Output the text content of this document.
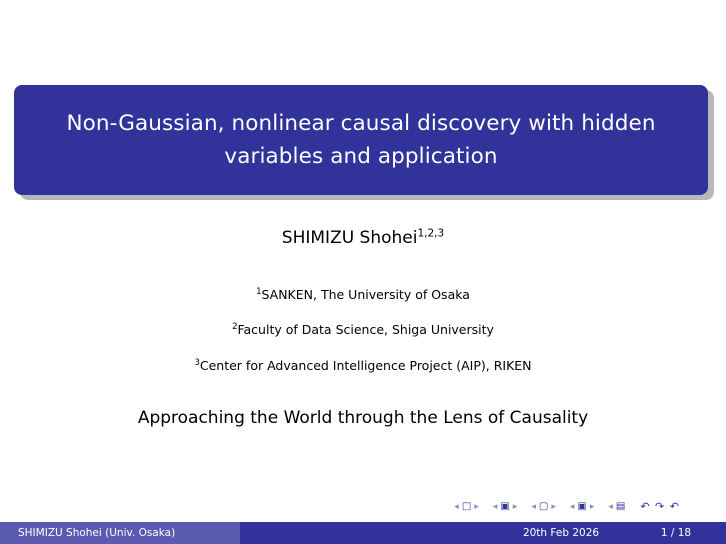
Non-Gaussian, nonlinear causal discovery with hidden variables and application
SHIMIZU Shohei$^{1,2,3}$
$^1$SANKEN, The University of Osaka
$^2$Faculty of Data Science, Shiga University
$^3$Center for Advanced Intelligence Project (AIP), RIKEN
Approaching the World through the Lens of Causality
◂ □ ▸ ◂ ▣ ▸ ◂ ▢ ▸ ◂ ▣ ▸ ◂ ▤ ↶ ↷ ↶
SHIMIZU Shohei (Univ. Osaka)	20th Feb 2026	1 / 18
